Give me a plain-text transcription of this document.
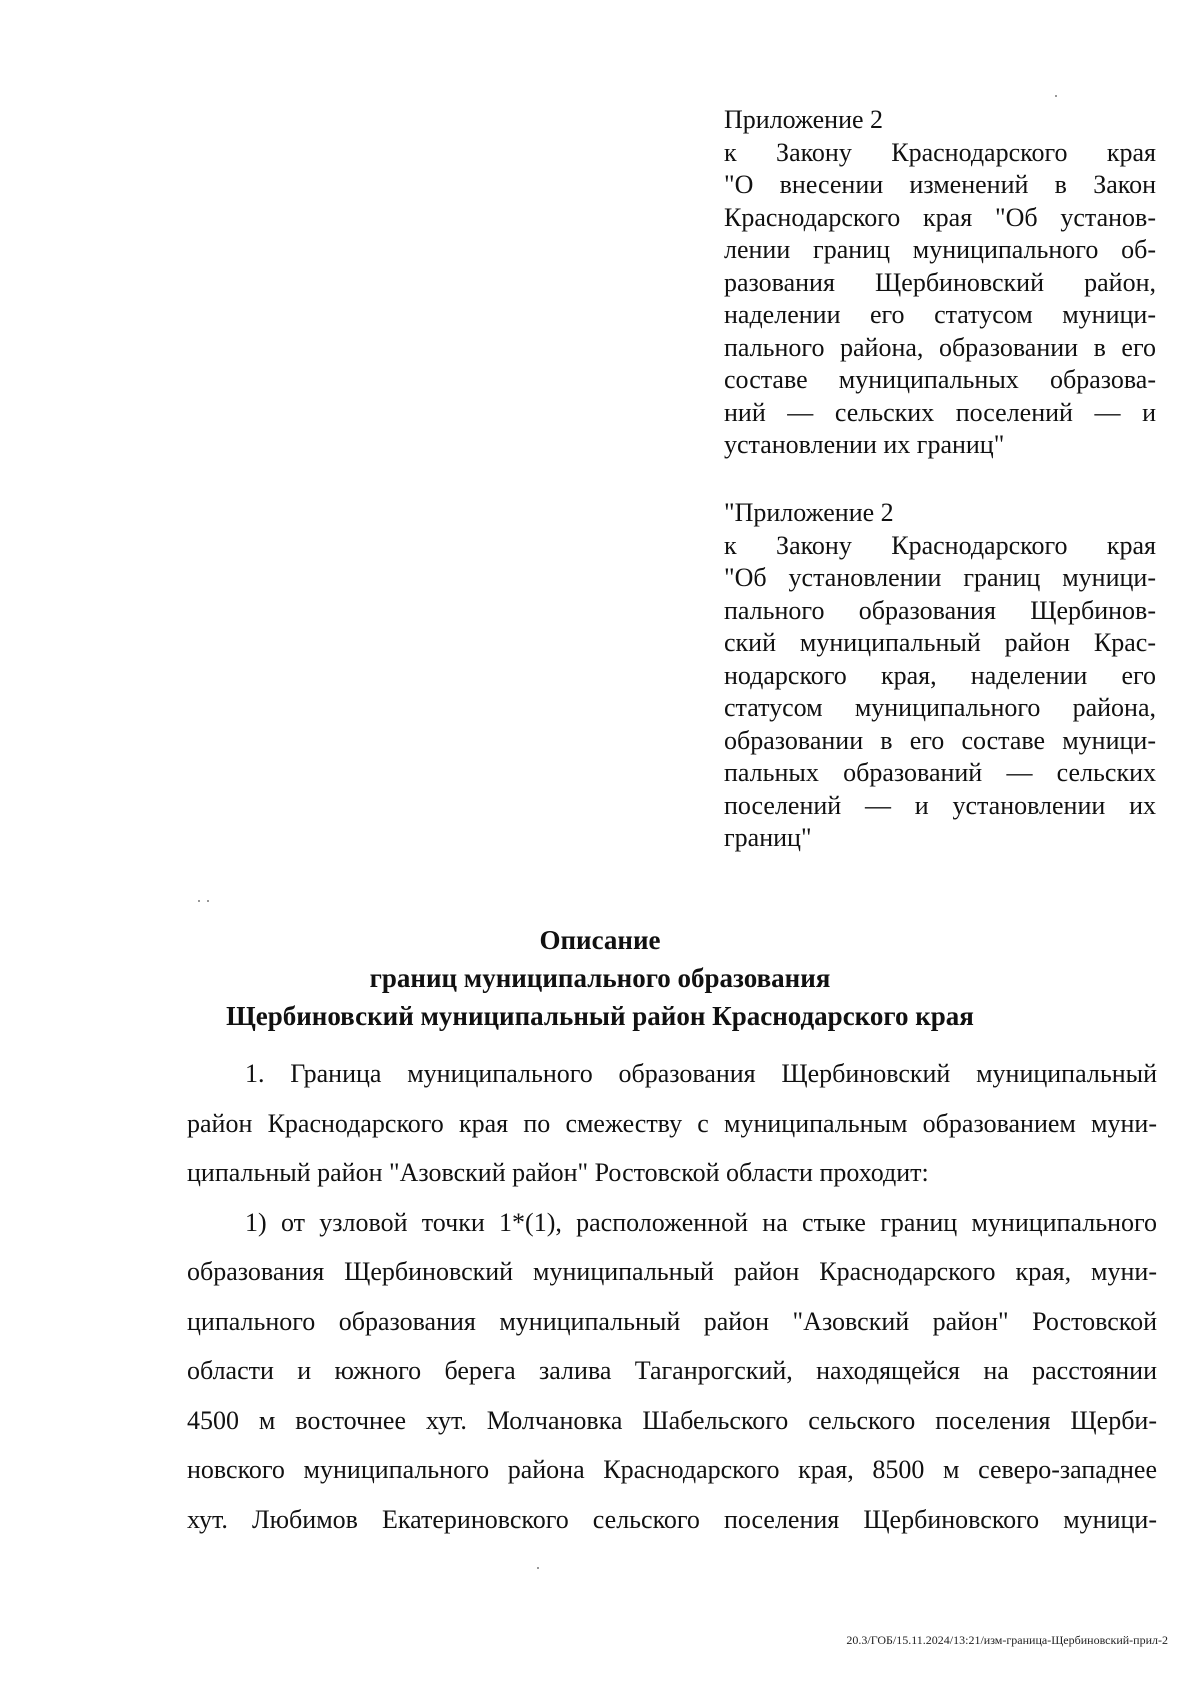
Приложение 2
к Закону Краснодарского края
"О внесении изменений в Закон
Краснодарского края "Об установ-
лении границ муниципального об-
разования Щербиновский район,
наделении его статусом муници-
пального района, образовании в его
составе муниципальных образова-
ний — сельских поселений — и
установлении их границ"
"Приложение 2
к Закону Краснодарского края
"Об установлении границ муници-
пального образования Щербинов-
ский муниципальный район Крас-
нодарского края, наделении его
статусом муниципального района,
образовании в его составе муници-
пальных образований — сельских
поселений — и установлении их
границ"
Описание
границ муниципального образования
Щербиновский муниципальный район Краснодарского края
1. Граница муниципального образования Щербиновский муниципальный
район Краснодарского края по смежеству с муниципальным образованием муни-
ципальный район "Азовский район" Ростовской области проходит:
1) от узловой точки 1*(1), расположенной на стыке границ муниципального
образования Щербиновский муниципальный район Краснодарского края, муни-
ципального образования муниципальный район "Азовский район" Ростовской
области и южного берега залива Таганрогский, находящейся на расстоянии
4500 м восточнее хут. Молчановка Шабельского сельского поселения Щерби-
новского муниципального района Краснодарского края, 8500 м северо-западнее
хут. Любимов Екатериновского сельского поселения Щербиновского муници-
20.3/ГОБ/15.11.2024/13:21/изм-граница-Щербиновский-прил-2
